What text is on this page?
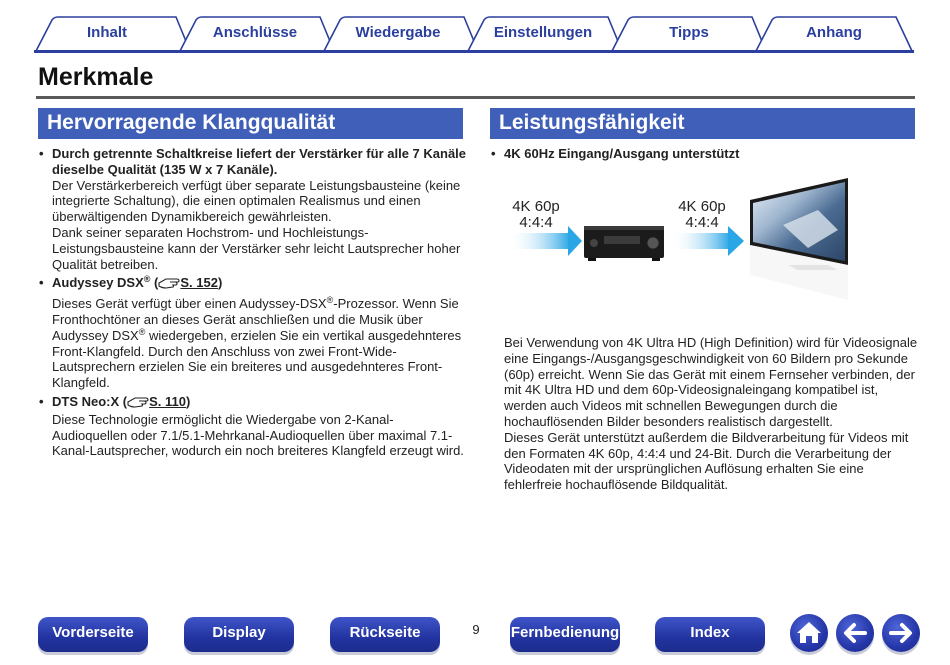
Inhalt	Anschlüsse	Wiedergabe	Einstellungen	Tipps	Anhang
Merkmale
Hervorragende Klangqualität
• Durch getrennte Schaltkreise liefert der Verstärker für alle 7 Kanäle dieselbe Qualität (135 W x 7 Kanäle).
Der Verstärkerbereich verfügt über separate Leistungsbausteine (keine integrierte Schaltung), die einen optimalen Realismus und einen überwältigenden Dynamikbereich gewährleisten.
Dank seiner separaten Hochstrom- und Hochleistungs-Leistungsbausteine kann der Verstärker sehr leicht Lautsprecher hoher Qualität betreiben.
• Audyssey DSX® ( S. 152)
Dieses Gerät verfügt über einen Audyssey-DSX®-Prozessor. Wenn Sie Fronthochtöner an dieses Gerät anschließen und die Musik über Audyssey DSX® wiedergeben, erzielen Sie ein vertikal ausgedehnteres Front-Klangfeld. Durch den Anschluss von zwei Front-Wide-Lautsprechern erzielen Sie ein breiteres und ausgedehnteres Front-Klangfeld.
• DTS Neo:X ( S. 110)
Diese Technologie ermöglicht die Wiedergabe von 2-Kanal-Audioquellen oder 7.1/5.1-Mehrkanal-Audioquellen über maximal 7.1-Kanal-Lautsprecher, wodurch ein noch breiteres Klangfeld erzeugt wird.
Leistungsfähigkeit
• 4K 60Hz Eingang/Ausgang unterstützt
4K 60p
4:4:4
4K 60p
4:4:4
Bei Verwendung von 4K Ultra HD (High Definition) wird für Videosignale eine Eingangs-/Ausgangsgeschwindigkeit von 60 Bildern pro Sekunde (60p) erreicht. Wenn Sie das Gerät mit einem Fernseher verbinden, der mit 4K Ultra HD und dem 60p-Videosignaleingang kompatibel ist, werden auch Videos mit schnellen Bewegungen durch die hochauflösenden Bilder besonders realistisch dargestellt.
Dieses Gerät unterstützt außerdem die Bildverarbeitung für Videos mit den Formaten 4K 60p, 4:4:4 und 24-Bit. Durch die Verarbeitung der Videodaten mit der ursprünglichen Auflösung erhalten Sie eine fehlerfreie hochauflösende Bildqualität.
Vorderseite	Display	Rückseite	9	Fernbedienung	Index
